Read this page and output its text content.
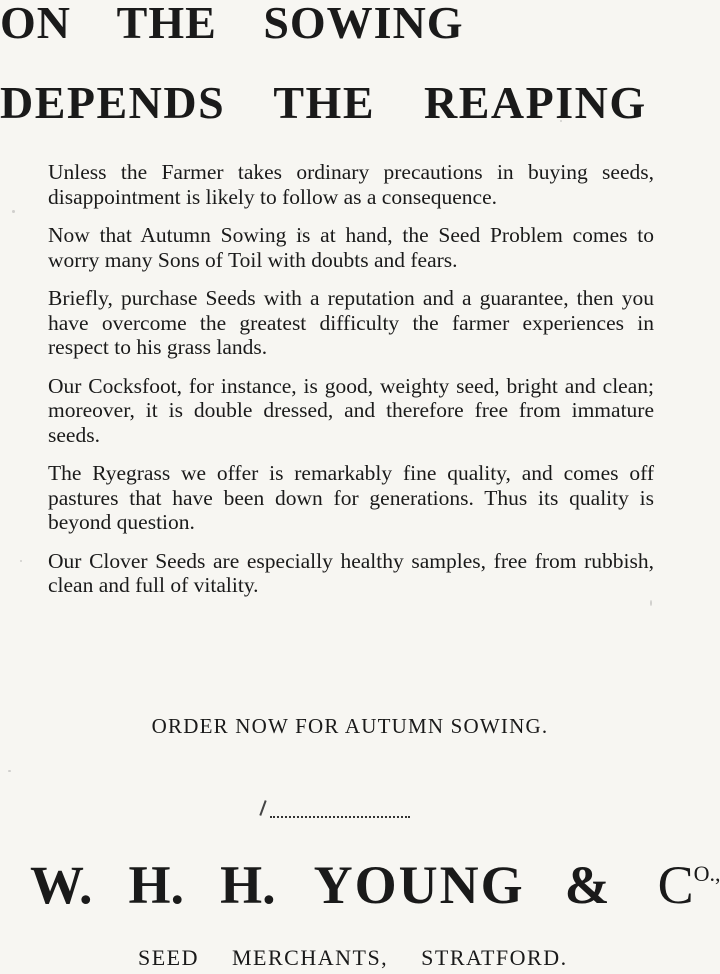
ON THE SOWING
DEPENDS THE REAPING

Unless the Farmer takes ordinary precautions in buying seeds, disappointment is likely to follow as a consequence.

Now that Autumn Sowing is at hand, the Seed Problem comes to worry many Sons of Toil with doubts and fears.

Briefly, purchase Seeds with a reputation and a guarantee, then you have overcome the greatest difficulty the farmer experiences in respect to his grass lands.

Our Cocksfoot, for instance, is good, weighty seed, bright and clean; moreover, it is double dressed, and therefore free from immature seeds.

The Ryegrass we offer is remarkably fine quality, and comes off pastures that have been down for generations. Thus its quality is beyond question.

Our Clover Seeds are especially healthy samples, free from rubbish, clean and full of vitality.

ORDER NOW FOR AUTUMN SOWING.
W. H. H. YOUNG & $C^{O.,}$
SEED MERCHANTS, STRATFORD.
